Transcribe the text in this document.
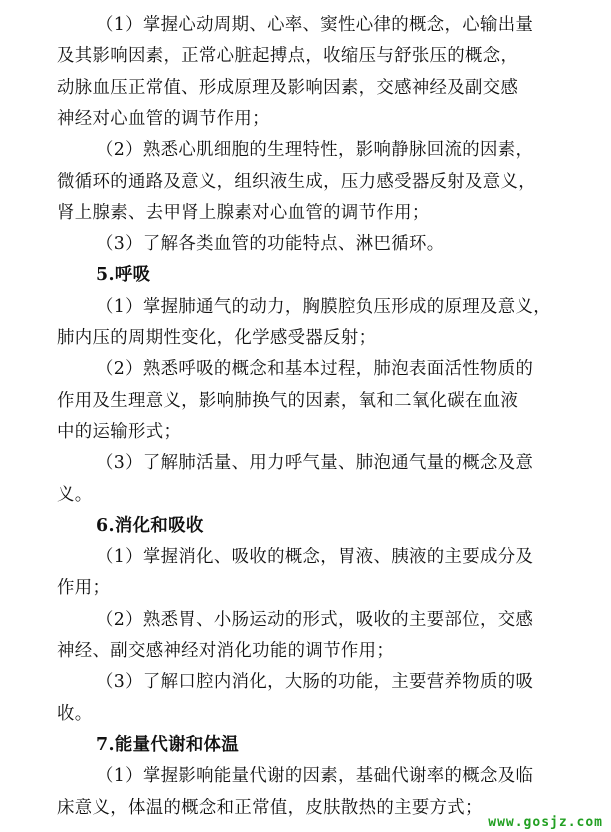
（1）掌握心动周期、心率、窦性心律的概念，心输出量
及其影响因素，正常心脏起搏点，收缩压与舒张压的概念，
动脉血压正常值、形成原理及影响因素，交感神经及副交感
神经对心血管的调节作用；
（2）熟悉心肌细胞的生理特性，影响静脉回流的因素，
微循环的通路及意义，组织液生成，压力感受器反射及意义，
肾上腺素、去甲肾上腺素对心血管的调节作用；
（3）了解各类血管的功能特点、淋巴循环。
5.呼吸
（1）掌握肺通气的动力，胸膜腔负压形成的原理及意义，
肺内压的周期性变化，化学感受器反射；
（2）熟悉呼吸的概念和基本过程，肺泡表面活性物质的
作用及生理意义，影响肺换气的因素，氧和二氧化碳在血液
中的运输形式；
（3）了解肺活量、用力呼气量、肺泡通气量的概念及意
义。
6.消化和吸收
（1）掌握消化、吸收的概念，胃液、胰液的主要成分及
作用；
（2）熟悉胃、小肠运动的形式，吸收的主要部位，交感
神经、副交感神经对消化功能的调节作用；
（3）了解口腔内消化，大肠的功能，主要营养物质的吸
收。
7.能量代谢和体温
（1）掌握影响能量代谢的因素，基础代谢率的概念及临
床意义，体温的概念和正常值，皮肤散热的主要方式；
www.gosjz.com
